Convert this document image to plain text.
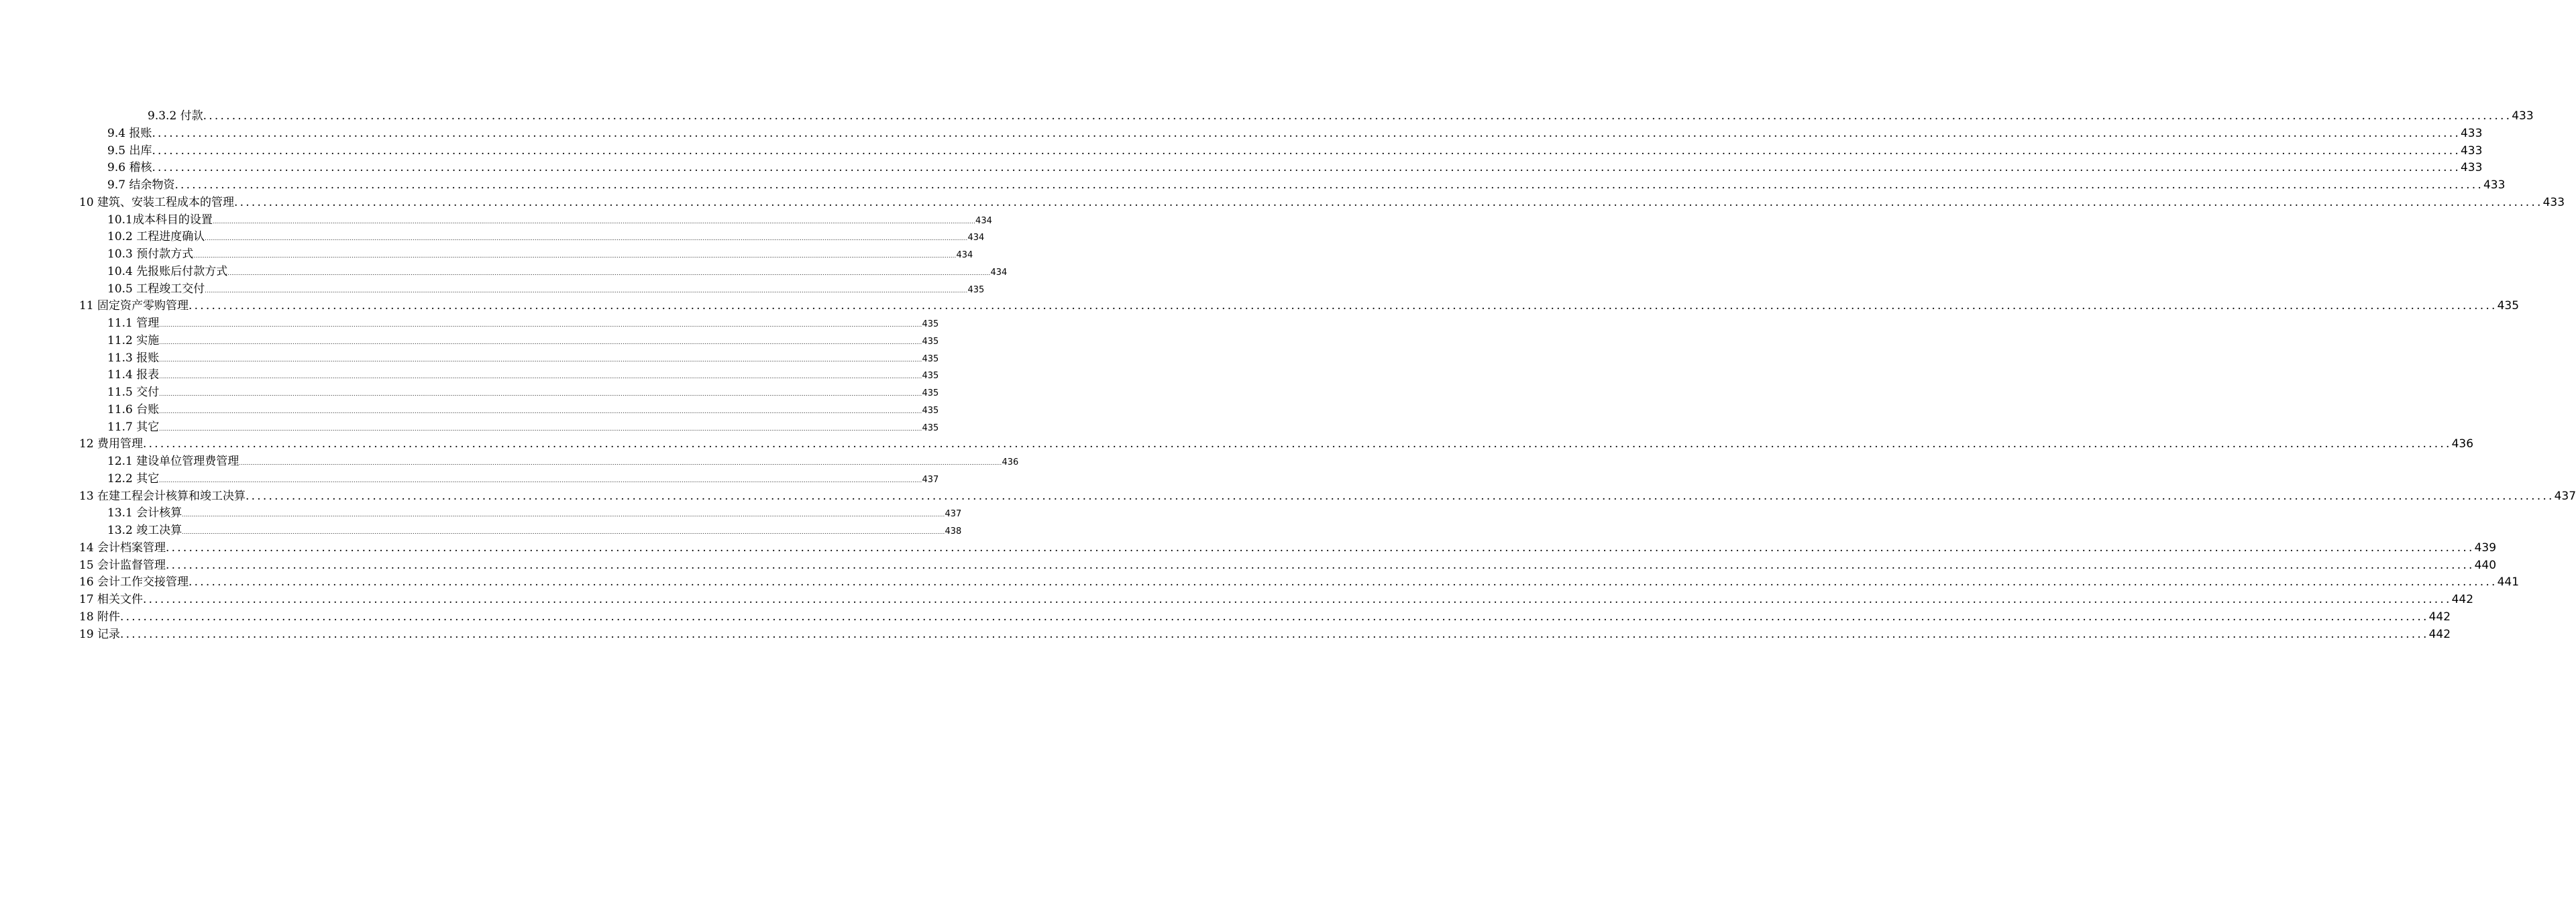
9.3.2 付款 ................................................................................................................................................................................................................................................................................................................................................................................................................ 433
9.4 报账 ................................................................................................................................................................................................................................................................................................................................................................................................................ 433
9.5 出库 ................................................................................................................................................................................................................................................................................................................................................................................................................ 433
9.6 稽核 ................................................................................................................................................................................................................................................................................................................................................................................................................ 433
9.7 结余物资 ................................................................................................................................................................................................................................................................................................................................................................................................................ 433
10 建筑、安装工程成本的管理 ................................................................................................................................................................................................................................................................................................................................................................................................................ 433
10.1成本科目的设置 ................................................................................................................................................................................................................................................................................................................................................................................................................ 434
10.2 工程进度确认 ................................................................................................................................................................................................................................................................................................................................................................................................................ 434
10.3 预付款方式 ................................................................................................................................................................................................................................................................................................................................................................................................................ 434
10.4 先报账后付款方式 ................................................................................................................................................................................................................................................................................................................................................................................................................ 434
10.5 工程竣工交付 ................................................................................................................................................................................................................................................................................................................................................................................................................ 435
11 固定资产零购管理 ................................................................................................................................................................................................................................................................................................................................................................................................................ 435
11.1 管理 ................................................................................................................................................................................................................................................................................................................................................................................................................ 435
11.2 实施 ................................................................................................................................................................................................................................................................................................................................................................................................................ 435
11.3 报账 ................................................................................................................................................................................................................................................................................................................................................................................................................ 435
11.4 报表 ................................................................................................................................................................................................................................................................................................................................................................................................................ 435
11.5 交付 ................................................................................................................................................................................................................................................................................................................................................................................................................ 435
11.6 台账 ................................................................................................................................................................................................................................................................................................................................................................................................................ 435
11.7 其它 ................................................................................................................................................................................................................................................................................................................................................................................................................ 435
12 费用管理 ................................................................................................................................................................................................................................................................................................................................................................................................................ 436
12.1 建设单位管理费管理 ................................................................................................................................................................................................................................................................................................................................................................................................................ 436
12.2 其它 ................................................................................................................................................................................................................................................................................................................................................................................................................ 437
13 在建工程会计核算和竣工决算 ................................................................................................................................................................................................................................................................................................................................................................................................................ 437
13.1 会计核算 ................................................................................................................................................................................................................................................................................................................................................................................................................ 437
13.2 竣工决算 ................................................................................................................................................................................................................................................................................................................................................................................................................ 438
14 会计档案管理 ................................................................................................................................................................................................................................................................................................................................................................................................................ 439
15 会计监督管理 ................................................................................................................................................................................................................................................................................................................................................................................................................ 440
16 会计工作交接管理 ................................................................................................................................................................................................................................................................................................................................................................................................................ 441
17 相关文件 ................................................................................................................................................................................................................................................................................................................................................................................................................ 442
18 附件 ................................................................................................................................................................................................................................................................................................................................................................................................................ 442
19 记录 ................................................................................................................................................................................................................................................................................................................................................................................................................ 442
